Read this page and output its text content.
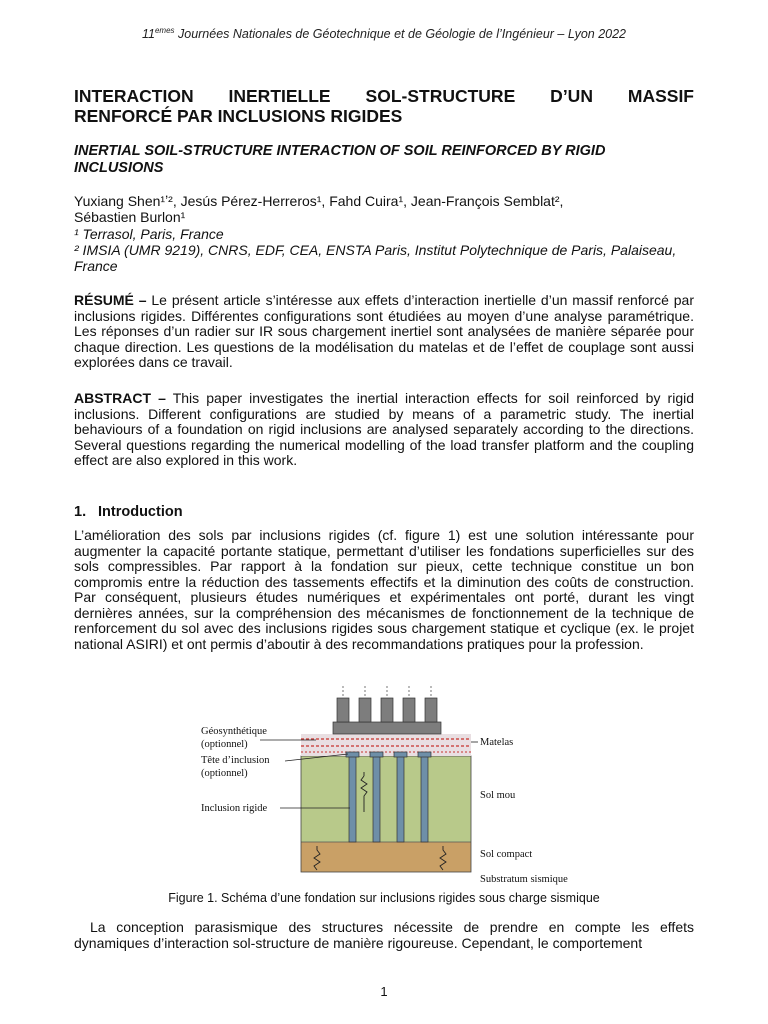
11emes Journées Nationales de Géotechnique et de Géologie de l’Ingénieur – Lyon 2022
INTERACTION INERTIELLE SOL-STRUCTURE D’UN MASSIF
RENFORCÉ PAR INCLUSIONS RIGIDES
INERTIAL SOIL-STRUCTURE INTERACTION OF SOIL REINFORCED BY RIGID INCLUSIONS
Yuxiang Shen¹ʼ², Jesús Pérez-Herreros¹, Fahd Cuira¹, Jean-François Semblat²,
Sébastien Burlon¹
¹ Terrasol, Paris, France
² IMSIA (UMR 9219), CNRS, EDF, CEA, ENSTA Paris, Institut Polytechnique de Paris, Palaiseau, France
RÉSUMÉ – Le présent article s’intéresse aux effets d’interaction inertielle d’un massif renforcé par inclusions rigides. Différentes configurations sont étudiées au moyen d’une analyse paramétrique. Les réponses d’un radier sur IR sous chargement inertiel sont analysées de manière séparée pour chaque direction. Les questions de la modélisation du matelas et de l’effet de couplage sont aussi explorées dans ce travail.
ABSTRACT – This paper investigates the inertial interaction effects for soil reinforced by rigid inclusions. Different configurations are studied by means of a parametric study. The inertial behaviours of a foundation on rigid inclusions are analysed separately according to the directions. Several questions regarding the numerical modelling of the load transfer platform and the coupling effect are also explored in this work.
1. Introduction
L’amélioration des sols par inclusions rigides (cf. figure 1) est une solution intéressante pour augmenter la capacité portante statique, permettant d’utiliser les fondations superficielles sur des sols compressibles. Par rapport à la fondation sur pieux, cette technique constitue un bon compromis entre la réduction des tassements effectifs et la diminution des coûts de construction. Par conséquent, plusieurs études numériques et expérimentales ont porté, durant les vingt dernières années, sur la compréhension des mécanismes de fonctionnement de la technique de renforcement du sol avec des inclusions rigides sous chargement statique et cyclique (ex. le projet national ASIRI) et ont permis d’aboutir à des recommandations pratiques pour la profession.
Géosynthétique
(optionnel)
Tête d’inclusion
(optionnel)
Inclusion rigide
Matelas
Sol mou
Sol compact
Substratum sismique
Figure 1. Schéma d’une fondation sur inclusions rigides sous charge sismique
La conception parasismique des structures nécessite de prendre en compte les effets dynamiques d’interaction sol-structure de manière rigoureuse. Cependant, le comportement
1
